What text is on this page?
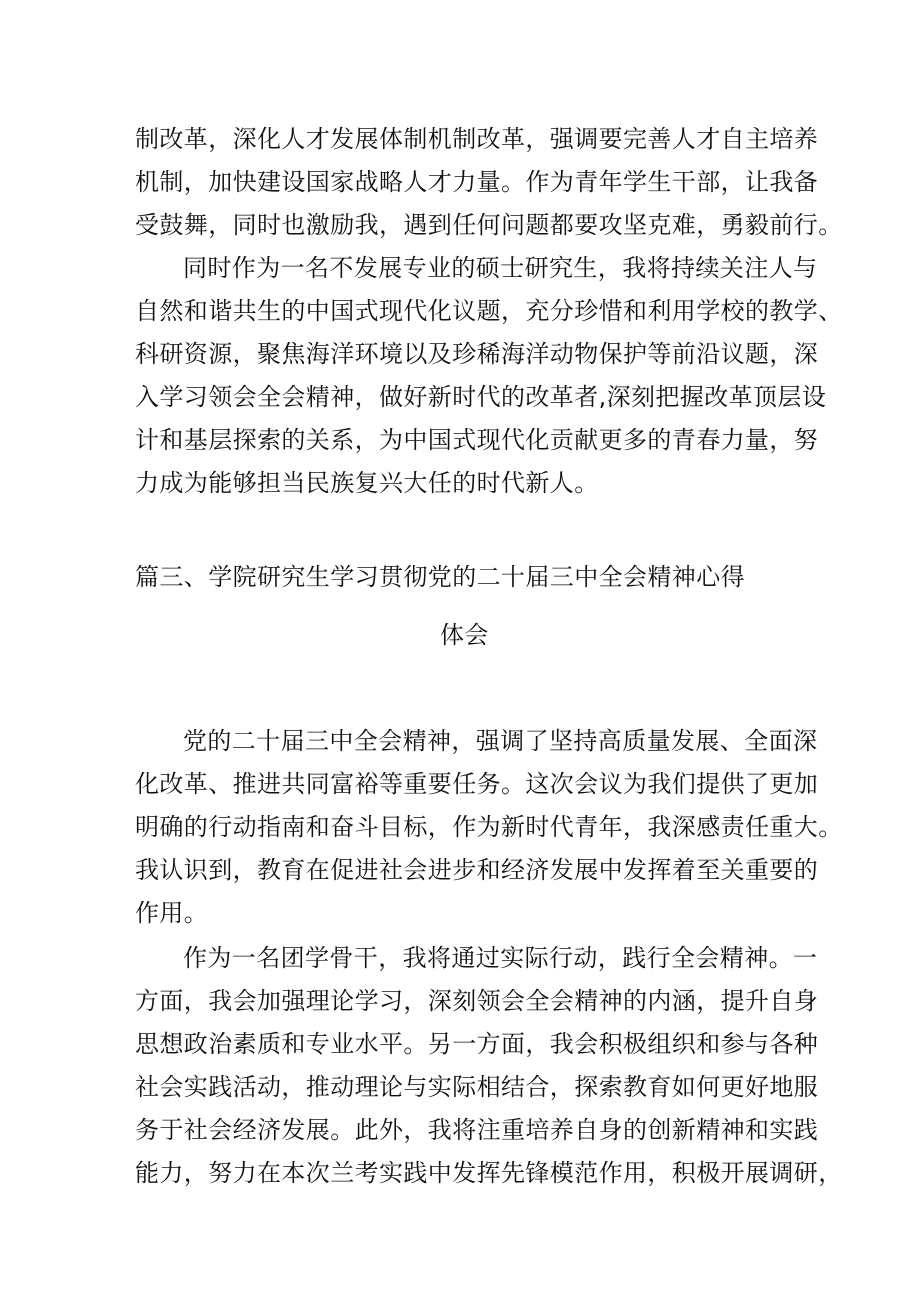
制改革，深化人才发展体制机制改革，强调要完善人才自主培养
机制，加快建设国家战略人才力量。作为青年学生干部，让我备
受鼓舞，同时也激励我，遇到任何问题都要攻坚克难，勇毅前行。
同时作为一名不发展专业的硕士研究生，我将持续关注人与
自然和谐共生的中国式现代化议题，充分珍惜和利用学校的教学、
科研资源，聚焦海洋环境以及珍稀海洋动物保护等前沿议题，深
入学习领会全会精神，做好新时代的改革者,深刻把握改革顶层设
计和基层探索的关系，为中国式现代化贡献更多的青春力量，努
力成为能够担当民族复兴大任的时代新人。
篇三、学院研究生学习贯彻党的二十届三中全会精神心得
体会
党的二十届三中全会精神，强调了坚持高质量发展、全面深
化改革、推进共同富裕等重要任务。这次会议为我们提供了更加
明确的行动指南和奋斗目标，作为新时代青年，我深感责任重大。
我认识到，教育在促进社会进步和经济发展中发挥着至关重要的
作用。
作为一名团学骨干，我将通过实际行动，践行全会精神。一
方面，我会加强理论学习，深刻领会全会精神的内涵，提升自身
思想政治素质和专业水平。另一方面，我会积极组织和参与各种
社会实践活动，推动理论与实际相结合，探索教育如何更好地服
务于社会经济发展。此外，我将注重培养自身的创新精神和实践
能力，努力在本次兰考实践中发挥先锋模范作用，积极开展调研，
